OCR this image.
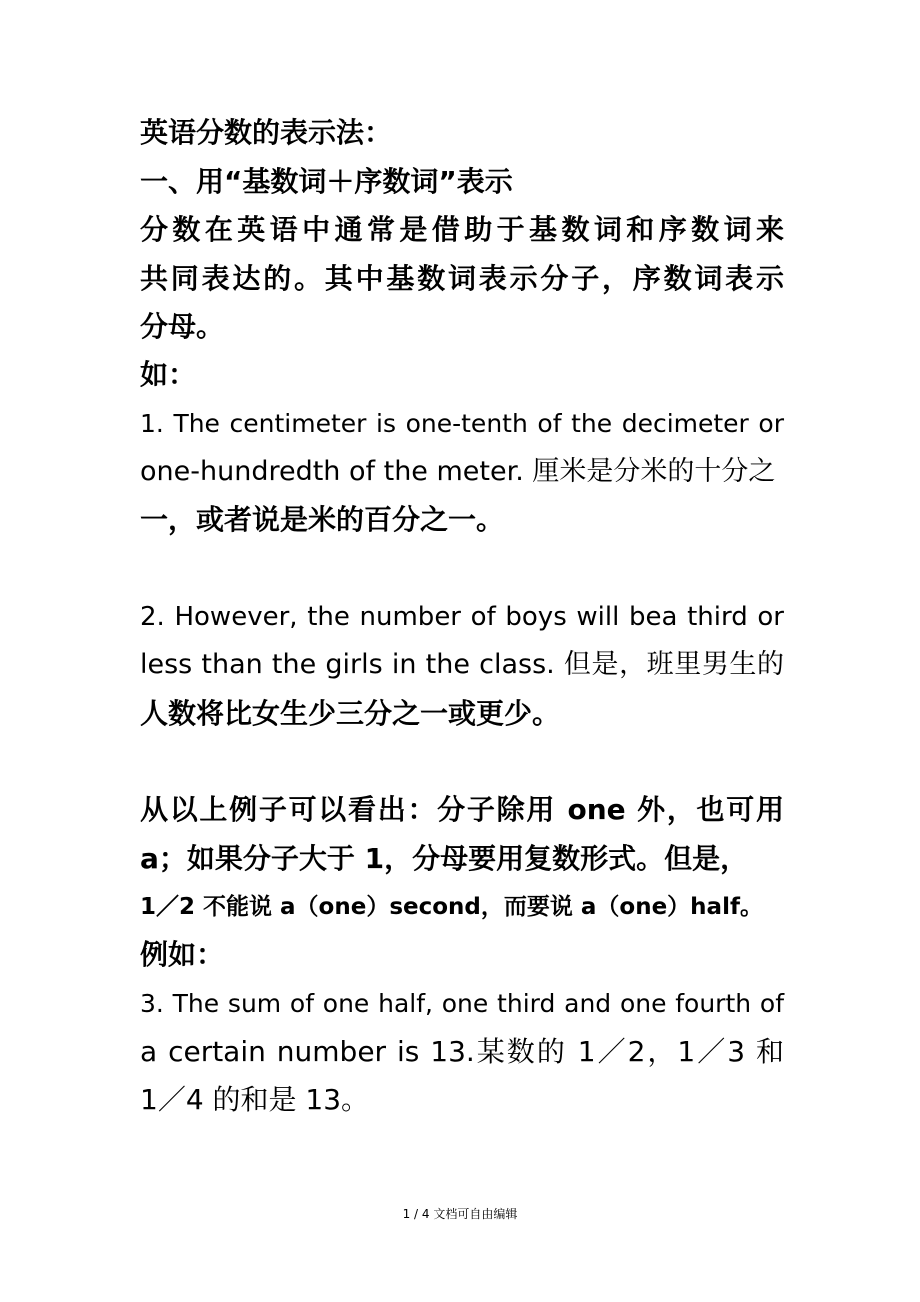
英语分数的表示法：
一、用“基数词＋序数词”表示
分数在英语中通常是借助于基数词和序数词来
共同表达的。其中基数词表示分子，序数词表示
分母。
如：
1. The centimeter is one-tenth of the decimeter or
one-hundredth of the meter. 厘米是分米的十分之
一，或者说是米的百分之一。
2. However, the number of boys will bea third or
less than the girls in the class. 但是，班里男生的
人数将比女生少三分之一或更少。
从以上例子可以看出：分子除用 one 外，也可用
a；如果分子大于 1，分母要用复数形式。但是，
1／2 不能说 a（one）second，而要说 a（one）half。
例如：
3. The sum of one half, one third and one fourth of
a certain number is 13.某数的 1／2，1／3 和
1／4 的和是 13。
1 / 4 文档可自由编辑
